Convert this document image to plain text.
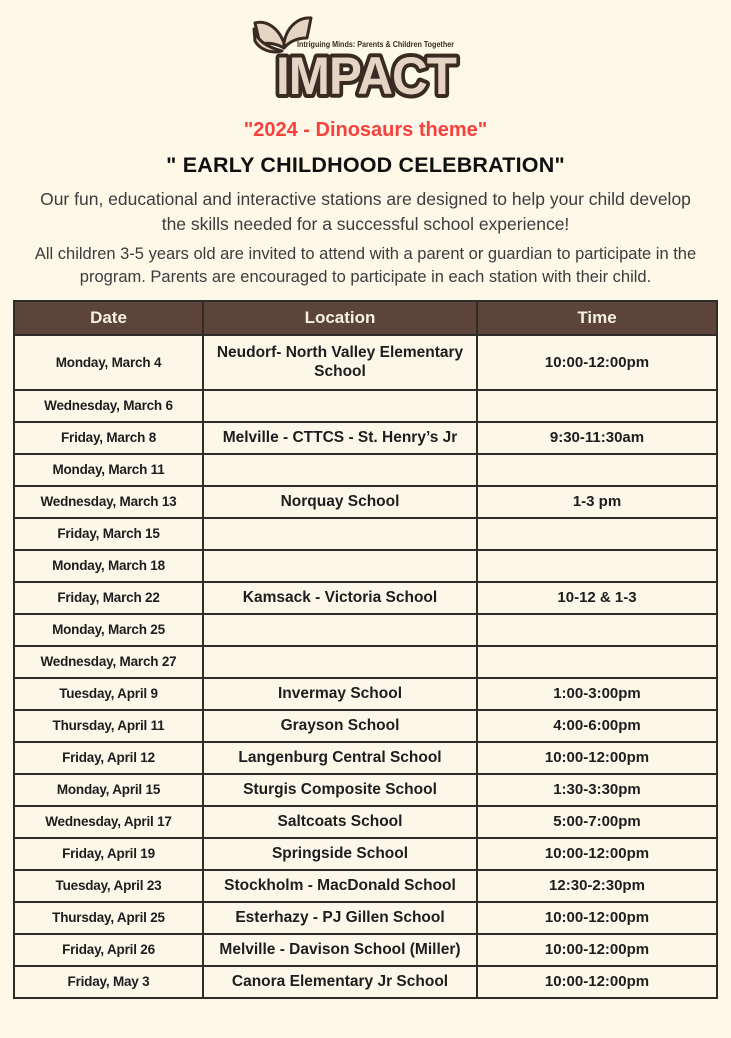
Intriguing Minds: Parents & Children Together
IMPACT
"2024 - Dinosaurs theme"
" EARLY CHILDHOOD CELEBRATION"
Our fun, educational and interactive stations are designed to help your child develop the skills needed for a successful school experience!
All children 3-5 years old are invited to attend with a parent or guardian to participate in the program. Parents are encouraged to participate in each station with their child.
Date	Location	Time
Monday, March 4	Neudorf- North Valley Elementary School	10:00-12:00pm
Wednesday, March 6		
Friday, March 8	Melville - CTTCS - St. Henry’s Jr	9:30-11:30am
Monday, March 11		
Wednesday, March 13	Norquay School	1-3 pm
Friday, March 15		
Monday, March 18		
Friday, March 22	Kamsack - Victoria School	10-12 & 1-3
Monday, March 25		
Wednesday, March 27		
Tuesday, April 9	Invermay School	1:00-3:00pm
Thursday, April 11	Grayson School	4:00-6:00pm
Friday, April 12	Langenburg Central School	10:00-12:00pm
Monday, April 15	Sturgis Composite School	1:30-3:30pm
Wednesday, April 17	Saltcoats School	5:00-7:00pm
Friday, April 19	Springside School	10:00-12:00pm
Tuesday, April 23	Stockholm - MacDonald School	12:30-2:30pm
Thursday, April 25	Esterhazy - PJ Gillen School	10:00-12:00pm
Friday, April 26	Melville - Davison School (Miller)	10:00-12:00pm
Friday, May 3	Canora Elementary Jr School	10:00-12:00pm
